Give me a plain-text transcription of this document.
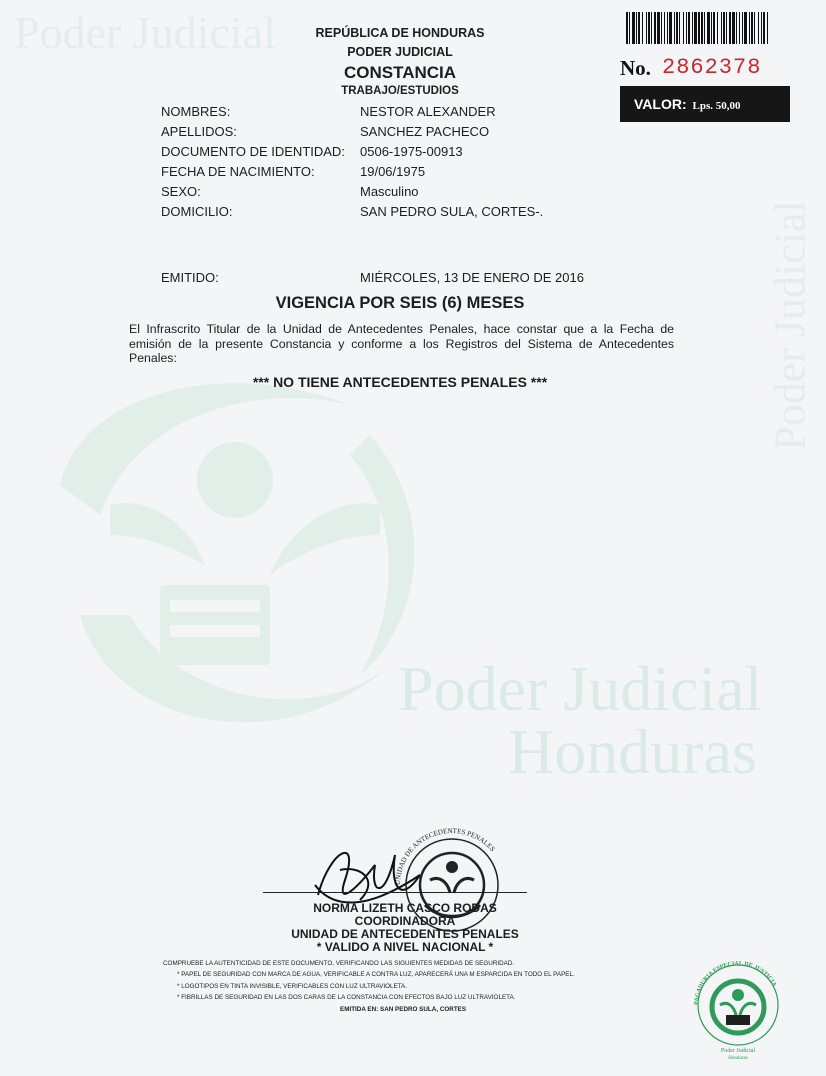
Poder Judicial
Poder Judicial
Poder Judicial
Honduras
REPÚBLICA DE HONDURAS
PODER JUDICIAL
CONSTANCIA
TRABAJO/ESTUDIOS
No. 2862378
VALOR: Lps. 50,00
NOMBRES:	NESTOR ALEXANDER
APELLIDOS:	SANCHEZ PACHECO
DOCUMENTO DE IDENTIDAD: 0506-1975-00913
FECHA DE NACIMIENTO:	19/06/1975
SEXO:	Masculino
DOMICILIO:	SAN PEDRO SULA, CORTES-.
EMITIDO:	MIÉRCOLES, 13 DE ENERO DE 2016
VIGENCIA POR SEIS (6) MESES
El Infrascrito Titular de la Unidad de Antecedentes Penales, hace constar que a la Fecha de emisión de la presente Constancia y conforme a los Registros del Sistema de Antecedentes Penales:
*** NO TIENE ANTECEDENTES PENALES ***
UNIDAD DE ANTECEDENTES PENALES
NORMA LIZETH CASCO RODAS
COORDINADORA
UNIDAD DE ANTECEDENTES PENALES
* VALIDO A NIVEL NACIONAL *
COMPRUEBE LA AUTENTICIDAD DE ESTE DOCUMENTO, VERIFICANDO LAS SIGUIENTES MEDIDAS DE SEGURIDAD.
* PAPEL DE SEGURIDAD CON MARCA DE AGUA, VERIFICABLE A CONTRA LUZ, APARECERÁ UNA M ESPARCIDA EN TODO EL PAPEL.
* LOGOTIPOS EN TINTA INVISIBLE, VERIFICABLES CON LUZ ULTRAVIOLETA.
* FIBRILLAS DE SEGURIDAD EN LAS DOS CARAS DE LA CONSTANCIA CON EFECTOS BAJO LUZ ULTRAVIOLETA.
EMITIDA EN: SAN PEDRO SULA, CORTES
PAGADURIA ESPECIAL DE JUSTICIA
Poder Judicial
Honduras
